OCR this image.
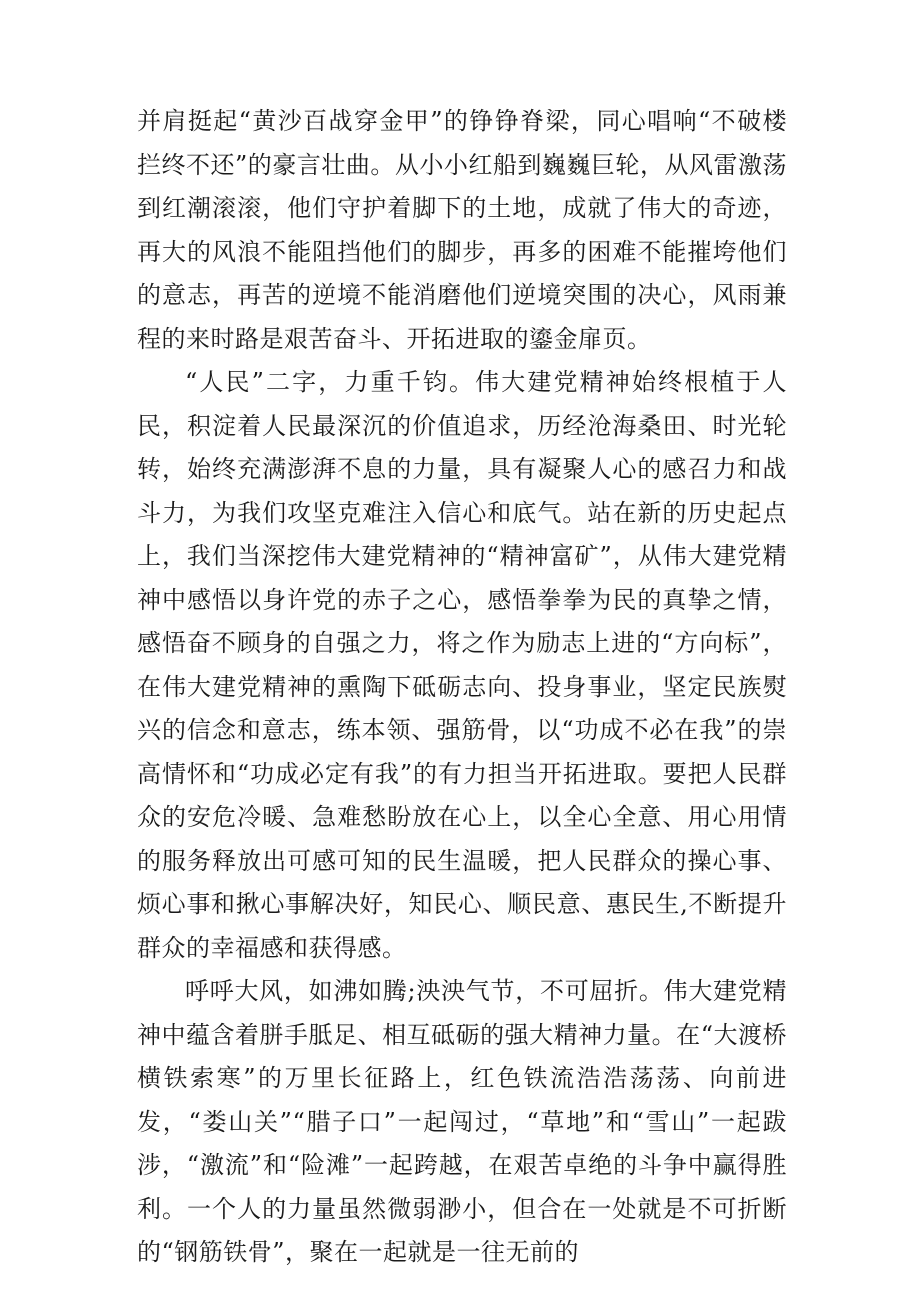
并肩挺起“黄沙百战穿金甲”的铮铮脊梁，同心唱响“不破楼拦终不还”的豪言壮曲。从小小红船到巍巍巨轮，从风雷激荡到红潮滚滚，他们守护着脚下的土地，成就了伟大的奇迹，再大的风浪不能阻挡他们的脚步，再多的困难不能摧垮他们的意志，再苦的逆境不能消磨他们逆境突围的决心，风雨兼程的来时路是艰苦奋斗、开拓进取的鎏金扉页。

“人民”二字，力重千钧。伟大建党精神始终根植于人民，积淀着人民最深沉的价值追求，历经沧海桑田、时光轮转，始终充满澎湃不息的力量，具有凝聚人心的感召力和战斗力，为我们攻坚克难注入信心和底气。站在新的历史起点上，我们当深挖伟大建党精神的“精神富矿”，从伟大建党精神中感悟以身许党的赤子之心，感悟拳拳为民的真挚之情，感悟奋不顾身的自强之力，将之作为励志上进的“方向标”，在伟大建党精神的熏陶下砥砺志向、投身事业，坚定民族熨兴的信念和意志，练本领、强筋骨，以“功成不必在我”的崇高情怀和“功成必定有我”的有力担当开拓进取。要把人民群众的安危冷暖、急难愁盼放在心上，以全心全意、用心用情的服务释放出可感可知的民生温暖，把人民群众的操心事、烦心事和揪心事解决好，知民心、顺民意、惠民生,不断提升群众的幸福感和获得感。

呼呼大风，如沸如腾;泱泱气节，不可屈折。伟大建党精神中蕴含着胼手胝足、相互砥砺的强大精神力量。在“大渡桥横铁索寒”的万里长征路上，红色铁流浩浩荡荡、向前进发，“娄山关”“腊子口”一起闯过，“草地”和“雪山”一起跋涉，“激流”和“险滩”一起跨越，在艰苦卓绝的斗争中赢得胜利。一个人的力量虽然微弱渺小，但合在一处就是不可折断的“钢筋铁骨”，聚在一起就是一往无前的
